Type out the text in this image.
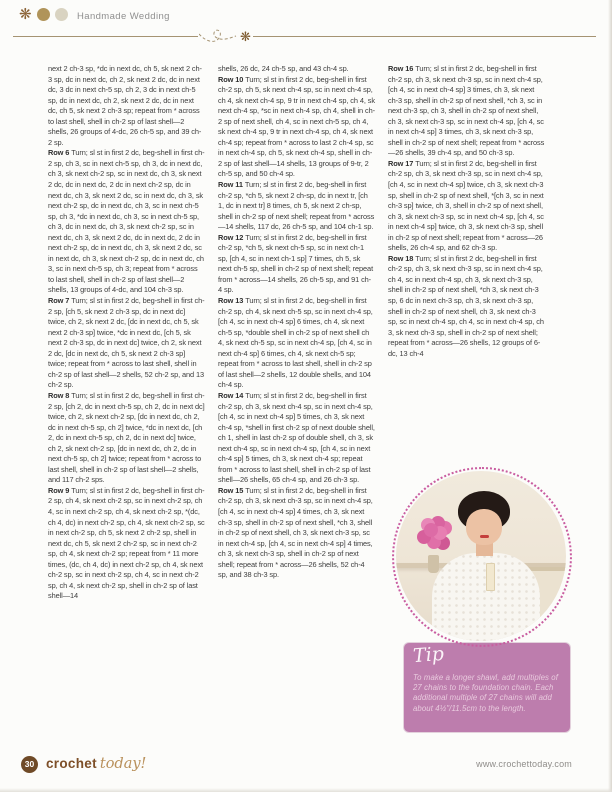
❋	Handmade Wedding
❋

next 2 ch-3 sp, *dc in next dc, ch 5, sk next 2 ch-3 sp, dc in next dc, ch 2, sk next 2 dc, dc in next dc, 3 dc in next ch-5 sp, ch 2, 3 dc in next ch-5 sp, dc in next dc, ch 2, sk next 2 dc, dc in next dc, ch 5, sk next 2 ch-3 sp; repeat from * across to last shell, shell in ch-2 sp of last shell—2 shells, 26 groups of 4-dc, 26 ch-5 sp, and 39 ch-2 sp.

Row 6 Turn; sl st in first 2 dc, beg-shell in first ch-2 sp, ch 3, sc in next ch-5 sp, ch 3, dc in next dc, ch 3, sk next ch-2 sp, sc in next dc, ch 3, sk next 2 dc, dc in next dc, 2 dc in next ch-2 sp, dc in next dc, ch 3, sk next 2 dc, sc in next dc, ch 3, sk next ch-2 sp, dc in next dc, ch 3, sc in next ch-5 sp, ch 3, *dc in next dc, ch 3, sc in next ch-5 sp, ch 3, dc in next dc, ch 3, sk next ch-2 sp, sc in next dc, ch 3, sk next 2 dc, dc in next dc, 2 dc in next ch-2 sp, dc in next dc, ch 3, sk next 2 dc, sc in next dc, ch 3, sk next ch-2 sp, dc in next dc, ch 3, sc in next ch-5 sp, ch 3; repeat from * across to last shell, shell in ch-2 sp of last shell—2 shells, 13 groups of 4-dc, and 104 ch-3 sp.

Row 7 Turn; sl st in first 2 dc, beg-shell in first ch-2 sp, [ch 5, sk next 2 ch-3 sp, dc in next dc] twice, ch 2, sk next 2 dc, [dc in next dc, ch 5, sk next 2 ch-3 sp] twice, *dc in next dc, [ch 5, sk next 2 ch-3 sp, dc in next dc] twice, ch 2, sk next 2 dc, [dc in next dc, ch 5, sk next 2 ch-3 sp] twice; repeat from * across to last shell, shell in ch-2 sp of last shell—2 shells, 52 ch-2 sp, and 13 ch-2 sp.

Row 8 Turn; sl st in first 2 dc, beg-shell in first ch-2 sp, [ch 2, dc in next ch-5 sp, ch 2, dc in next dc] twice, ch 2, sk next ch-2 sp, [dc in next dc, ch 2, dc in next ch-5 sp, ch 2] twice, *dc in next dc, [ch 2, dc in next ch-5 sp, ch 2, dc in next dc] twice, ch 2, sk next ch-2 sp, [dc in next dc, ch 2, dc in next ch-5 sp, ch 2] twice; repeat from * across to last shell, shell in ch-2 sp of last shell—2 shells, and 117 ch-2 sps.

Row 9 Turn; sl st in first 2 dc, beg-shell in first ch-2 sp, ch 4, sk next ch-2 sp, sc in next ch-2 sp, ch 4, sc in next ch-2 sp, ch 4, sk next ch-2 sp, *(dc, ch 4, dc) in next ch-2 sp, ch 4, sk next ch-2 sp, sc in next ch-2 sp, ch 5, sk next 2 ch-2 sp, shell in next dc, ch 5, sk next 2 ch-2 sp, sc in next ch-2 sp, ch 4, sk next ch-2 sp; repeat from * 11 more times, (dc, ch 4, dc) in next ch-2 sp, ch 4, sk next ch-2 sp, sc in next ch-2 sp, ch 4, sc in next ch-2 sp, ch 4, sk next ch-2 sp, shell in ch-2 sp of last shell—14

shells, 26 dc, 24 ch-5 sp, and 43 ch-4 sp.

Row 10 Turn; sl st in first 2 dc, beg-shell in first ch-2 sp, ch 5, sk next ch-4 sp, sc in next ch-4 sp, ch 4, sk next ch-4 sp, 9 tr in next ch-4 sp, ch 4, sk next ch-4 sp, *sc in next ch-4 sp, ch 4, shell in ch-2 sp of next shell, ch 4, sc in next ch-5 sp, ch 4, sk next ch-4 sp, 9 tr in next ch-4 sp, ch 4, sk next ch-4 sp; repeat from * across to last 2 ch-4 sp, sc in next ch-4 sp, ch 5, sk next ch-4 sp, shell in ch-2 sp of last shell—14 shells, 13 groups of 9-tr, 2 ch-5 sp, and 50 ch-4 sp.

Row 11 Turn; sl st in first 2 dc, beg-shell in first ch-2 sp, *ch 5, sk next 2 ch-sp, dc in next tr, [ch 1, dc in next tr] 8 times, ch 5, sk next 2 ch-sp, shell in ch-2 sp of next shell; repeat from * across—14 shells, 117 dc, 26 ch-5 sp, and 104 ch-1 sp.

Row 12 Turn; sl st in first 2 dc, beg-shell in first ch-2 sp, *ch 5, sk next ch-5 sp, sc in next ch-1 sp, [ch 4, sc in next ch-1 sp] 7 times, ch 5, sk next ch-5 sp, shell in ch-2 sp of next shell; repeat from * across—14 shells, 26 ch-5 sp, and 91 ch-4 sp.

Row 13 Turn; sl st in first 2 dc, beg-shell in first ch-2 sp, ch 4, sk next ch-5 sp, sc in next ch-4 sp, [ch 4, sc in next ch-4 sp] 6 times, ch 4, sk next ch-5 sp, *double shell in ch-2 sp of next shell ch 4, sk next ch-5 sp, sc in next ch-4 sp, [ch 4, sc in next ch-4 sp] 6 times, ch 4, sk next ch-5 sp; repeat from * across to last shell, shell in ch-2 sp of last shell—2 shells, 12 double shells, and 104 ch-4 sp.

Row 14 Turn; sl st in first 2 dc, beg-shell in first ch-2 sp, ch 3, sk next ch-4 sp, sc in next ch-4 sp, [ch 4, sc in next ch-4 sp] 5 times, ch 3, sk next ch-4 sp, *shell in first ch-2 sp of next double shell, ch 1, shell in last ch-2 sp of double shell, ch 3, sk next ch-4 sp, sc in next ch-4 sp, [ch 4, sc in next ch-4 sp] 5 times, ch 3, sk next ch-4 sp; repeat from * across to last shell, shell in ch-2 sp of last shell—26 shells, 65 ch-4 sp, and 26 ch-3 sp.

Row 15 Turn; sl st in first 2 dc, beg-shell in first ch-2 sp, ch 3, sk next ch-3 sp, sc in next ch-4 sp, [ch 4, sc in next ch-4 sp] 4 times, ch 3, sk next ch-3 sp, shell in ch-2 sp of next shell, *ch 3, shell in ch-2 sp of next shell, ch 3, sk next ch-3 sp, sc in next ch-4 sp, [ch 4, sc in next ch-4 sp] 4 times, ch 3, sk next ch-3 sp, shell in ch-2 sp of next shell; repeat from * across—26 shells, 52 ch-4 sp, and 38 ch-3 sp.

Row 16 Turn; sl st in first 2 dc, beg-shell in first ch-2 sp, ch 3, sk next ch-3 sp, sc in next ch-4 sp, [ch 4, sc in next ch-4 sp] 3 times, ch 3, sk next ch-3 sp, shell in ch-2 sp of next shell, *ch 3, sc in next ch-3 sp, ch 3, shell in ch-2 sp of next shell, ch 3, sk next ch-3 sp, sc in next ch-4 sp, [ch 4, sc in next ch-4 sp] 3 times, ch 3, sk next ch-3 sp, shell in ch-2 sp of next shell; repeat from * across—26 shells, 39 ch-4 sp, and 50 ch-3 sp.

Row 17 Turn; sl st in first 2 dc, beg-shell in first ch-2 sp, ch 3, sk next ch-3 sp, sc in next ch-4 sp, [ch 4, sc in next ch-4 sp] twice, ch 3, sk next ch-3 sp, shell in ch-2 sp of next shell, *[ch 3, sc in next ch-3 sp] twice, ch 3, shell in ch-2 sp of next shell, ch 3, sk next ch-3 sp, sc in next ch-4 sp, [ch 4, sc in next ch-4 sp] twice, ch 3, sk next ch-3 sp, shell in ch-2 sp of next shell; repeat from * across—26 shells, 26 ch-4 sp, and 62 ch-3 sp.

Row 18 Turn; sl st in first 2 dc, beg-shell in first ch-2 sp, ch 3, sk next ch-3 sp, sc in next ch-4 sp, ch 4, sc in next ch-4 sp, ch 3, sk next ch-3 sp, shell in ch-2 sp of next shell, *ch 3, sk next ch-3 sp, 6 dc in next ch-3 sp, ch 3, sk next ch-3 sp, shell in ch-2 sp of next shell, ch 3, sk next ch-3 sp, sc in next ch-4 sp, ch 4, sc in next ch-4 sp, ch 3, sk next ch-3 sp, shell in ch-2 sp of next shell; repeat from * across—26 shells, 12 groups of 6-dc, 13 ch-4

Tip
To make a longer shawl, add multiples of 27 chains to the foundation chain. Each additional multiple of 27 chains will add about 4½"/11.5cm to the length.
30 crochet today!	www.crochettoday.com
